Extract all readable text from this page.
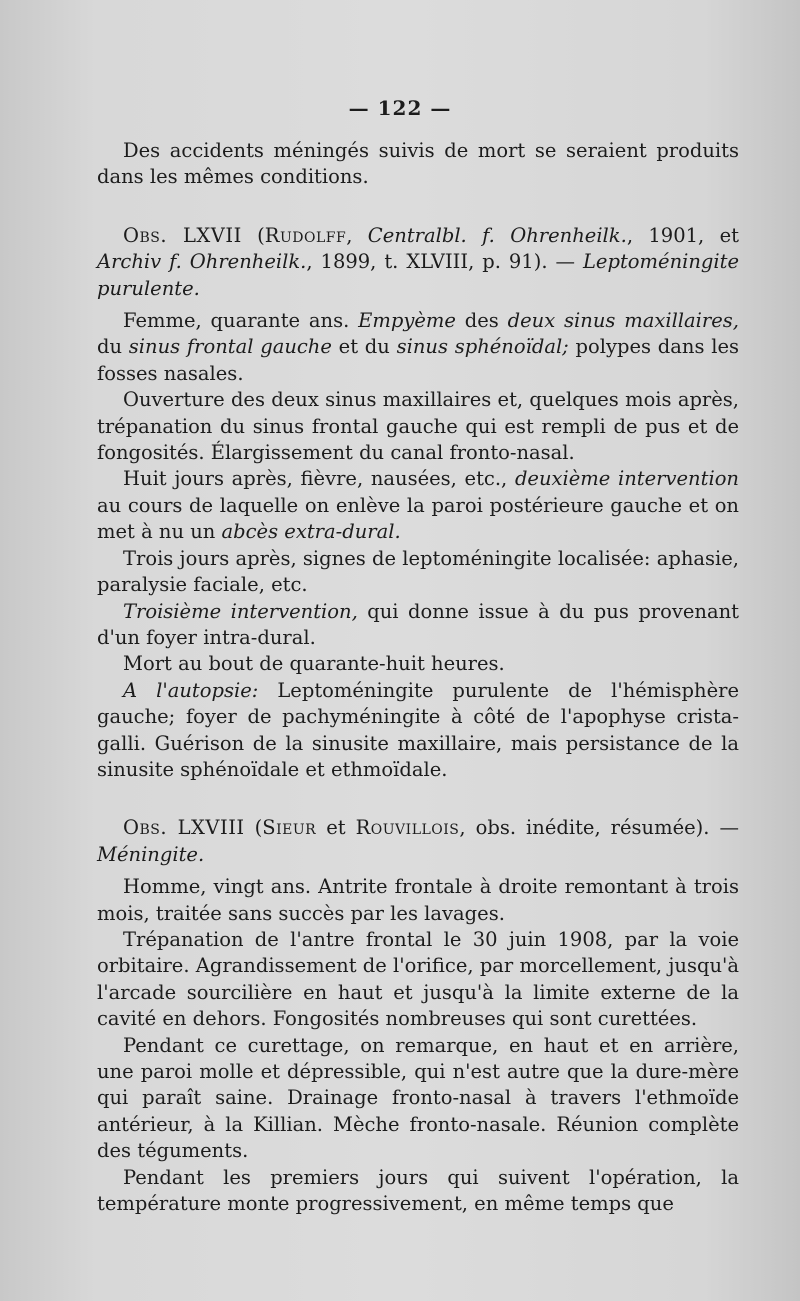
— 122 —

Des accidents méningés suivis de mort se seraient produits dans les mêmes conditions.

Obs. LXVII (Rudolff, Centralbl. f. Ohrenheilk., 1901, et Archiv f. Ohrenheilk., 1899, t. XLVIII, p. 91). — Leptoméningite purulente.

Femme, quarante ans. Empyème des deux sinus maxillaires, du sinus frontal gauche et du sinus sphénoïdal; polypes dans les fosses nasales.

Ouverture des deux sinus maxillaires et, quelques mois après, trépanation du sinus frontal gauche qui est rempli de pus et de fongosités. Élargissement du canal fronto-nasal.

Huit jours après, fièvre, nausées, etc., deuxième intervention au cours de laquelle on enlève la paroi postérieure gauche et on met à nu un abcès extra-dural.

Trois jours après, signes de leptoméningite localisée: aphasie, paralysie faciale, etc.

Troisième intervention, qui donne issue à du pus provenant d'un foyer intra-dural.

Mort au bout de quarante-huit heures.

A l'autopsie: Leptoméningite purulente de l'hémisphère gauche; foyer de pachyméningite à côté de l'apophyse crista-galli. Guérison de la sinusite maxillaire, mais persistance de la sinusite sphénoïdale et ethmoïdale.

Obs. LXVIII (Sieur et Rouvillois, obs. inédite, résumée). — Méningite.

Homme, vingt ans. Antrite frontale à droite remontant à trois mois, traitée sans succès par les lavages.

Trépanation de l'antre frontal le 30 juin 1908, par la voie orbitaire. Agrandissement de l'orifice, par morcellement, jusqu'à l'arcade sourcilière en haut et jusqu'à la limite externe de la cavité en dehors. Fongosités nombreuses qui sont curettées.

Pendant ce curettage, on remarque, en haut et en arrière, une paroi molle et dépressible, qui n'est autre que la dure-mère qui paraît saine. Drainage fronto-nasal à travers l'ethmoïde antérieur, à la Killian. Mèche fronto-nasale. Réunion complète des téguments.

Pendant les premiers jours qui suivent l'opération, la température monte progressivement, en même temps que
